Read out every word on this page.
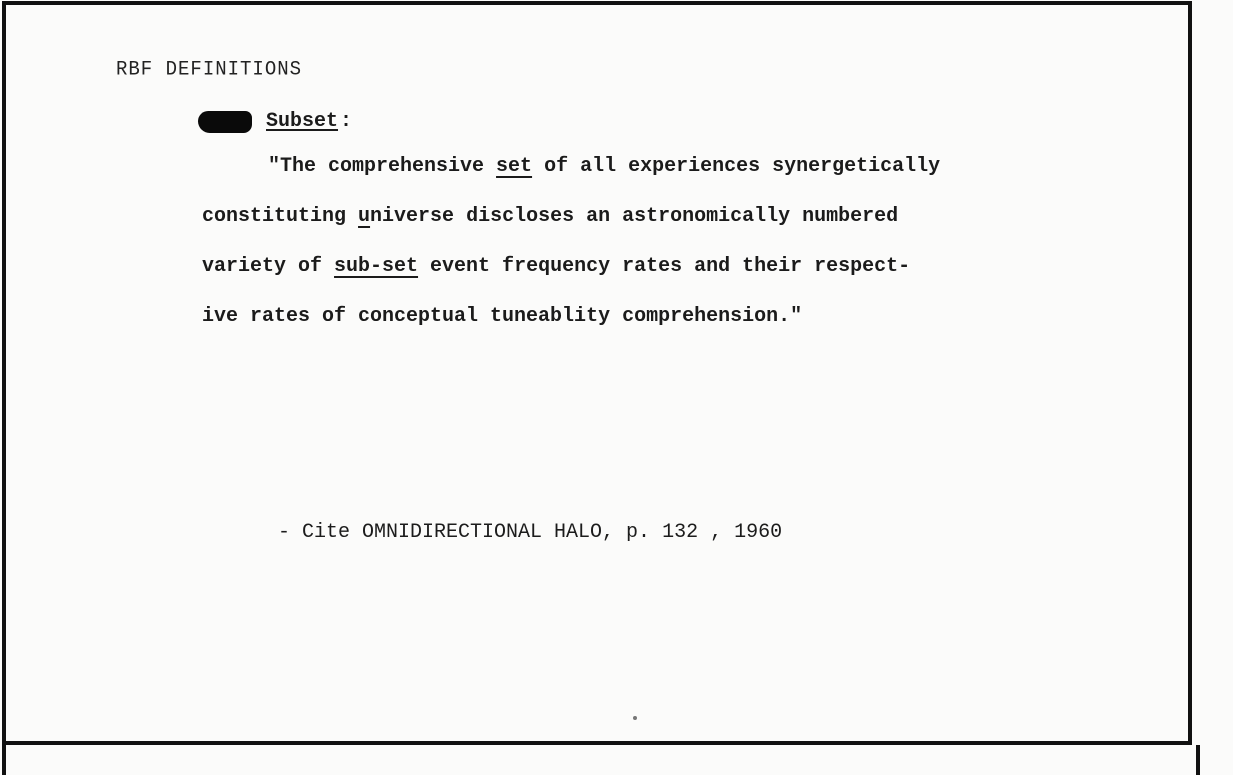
RBF DEFINITIONS
Subset :
"The comprehensive set of all experiences synergetically
constituting universe discloses an astronomically numbered
variety of sub-set event frequency rates and their respect-
ive rates of conceptual tuneablity comprehension."
- Cite OMNIDIRECTIONAL HALO, p. 132 , 1960
